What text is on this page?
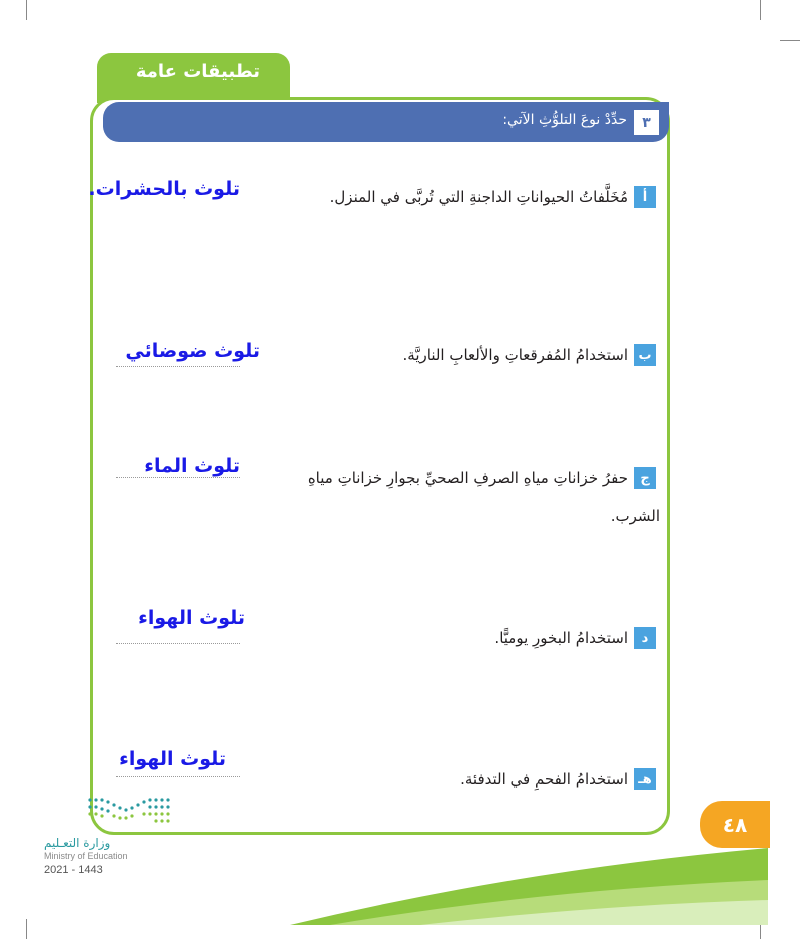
تطبيقات عامة
٣
حدِّدْ نوعَ التلوُّثِ الآتي:
أ
مُخَلَّفاتُ الحيواناتِ الداجنةِ التي تُربَّى في المنزل.
تلوث بالحشرات.
ب
استخدامُ المُفرقعاتِ والألعابِ الناريَّة.
تلوث ضوضائي
ج
حفرُ خزاناتِ مياهِ الصرفِ الصحيِّ بجوارِ خزاناتِ مياهِ
الشرب.
تلوث الماء
د
استخدامُ البخورِ يوميًّا.
تلوث الهواء
هـ
استخدامُ الفحمِ في التدفئة.
تلوث الهواء
٤٨
وزارة التعـليم
Ministry of Education
2021 - 1443
